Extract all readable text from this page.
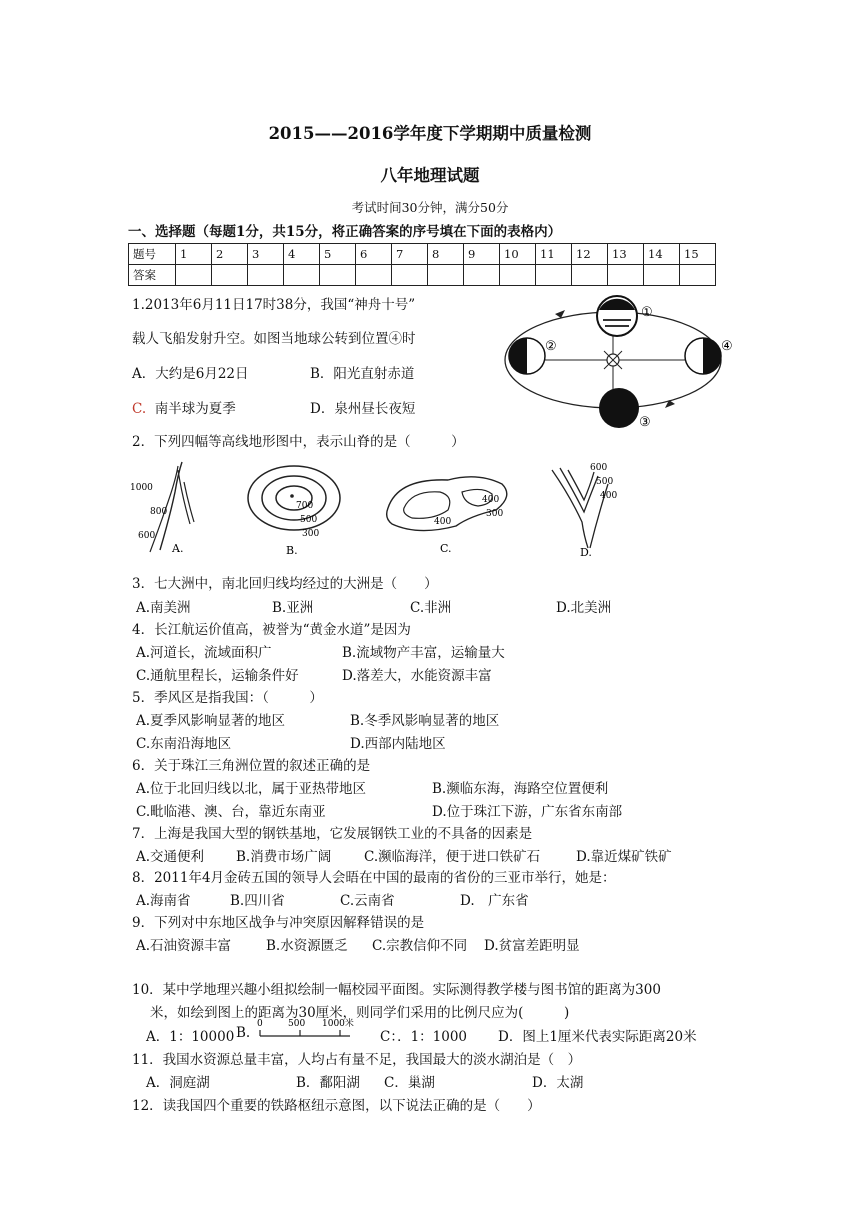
2015——2016学年度下学期期中质量检测
八年地理试题
考试时间30分钟，满分50分
一、选择题（每题1分，共15分，将正确答案的序号填在下面的表格内）
题号	1	2	3	4	5	6	7	8	9	10	11	12	13	14	15
答案															
1.2013年6月11日17时38分，我国“神舟十号”
载人飞船发射升空。如图当地球公转到位置④时
A．大约是6月22日	B．阳光直射赤道
C. 南半球为夏季	D．泉州昼长夜短
①
②
③
④
2．下列四幅等高线地形图中，表示山脊的是（　　　）
1000
800
600
A.
700
500
300
B.
400
400
300
C.
600
500
400
D.
3．七大洲中，南北回归线均经过的大洲是（　　）
A.南美洲	B.亚洲	C.非洲	D.北美洲
4．长江航运价值高，被誉为“黄金水道”是因为
A.河道长，流域面积广	B.流域物产丰富，运输量大
C.通航里程长，运输条件好	D.落差大，水能资源丰富
5．季风区是指我国：（　　　）
A.夏季风影响显著的地区	B.冬季风影响显著的地区
C.东南沿海地区	D.西部内陆地区
6．关于珠江三角洲位置的叙述正确的是
A.位于北回归线以北，属于亚热带地区	B.濒临东海，海路空位置便利
C.毗临港、澳、台，靠近东南亚	D.位于珠江下游，广东省东南部
7．上海是我国大型的钢铁基地，它发展钢铁工业的不具备的因素是
A.交通便利 B.消费市场广阔 C.濒临海洋，便于进口铁矿石	D.靠近煤矿铁矿
8．2011年4月金砖五国的领导人会晤在中国的最南的省份的三亚市举行，她是：
A.海南省	B.四川省	C.云南省	D.　广东省
9．下列对中东地区战争与冲突原因解释错误的是
A.石油资源丰富	B.水资源匮乏 C.宗教信仰不同 D.贫富差距明显
10．某中学地理兴趣小组拟绘制一幅校园平面图。实际测得教学楼与图书馆的距离为300
米，如绘到图上的距离为30厘米，则同学们采用的比例尺应为(　　　)
A．1：10000 B.
0	500 1000米
C：．1：1000 D．图上1厘米代表实际距离20米
11．我国水资源总量丰富，人均占有量不足，我国最大的淡水湖泊是（　）
A．洞庭湖	B．鄱阳湖 C．巢湖	D．太湖
12．读我国四个重要的铁路枢纽示意图，以下说法正确的是（　　）
